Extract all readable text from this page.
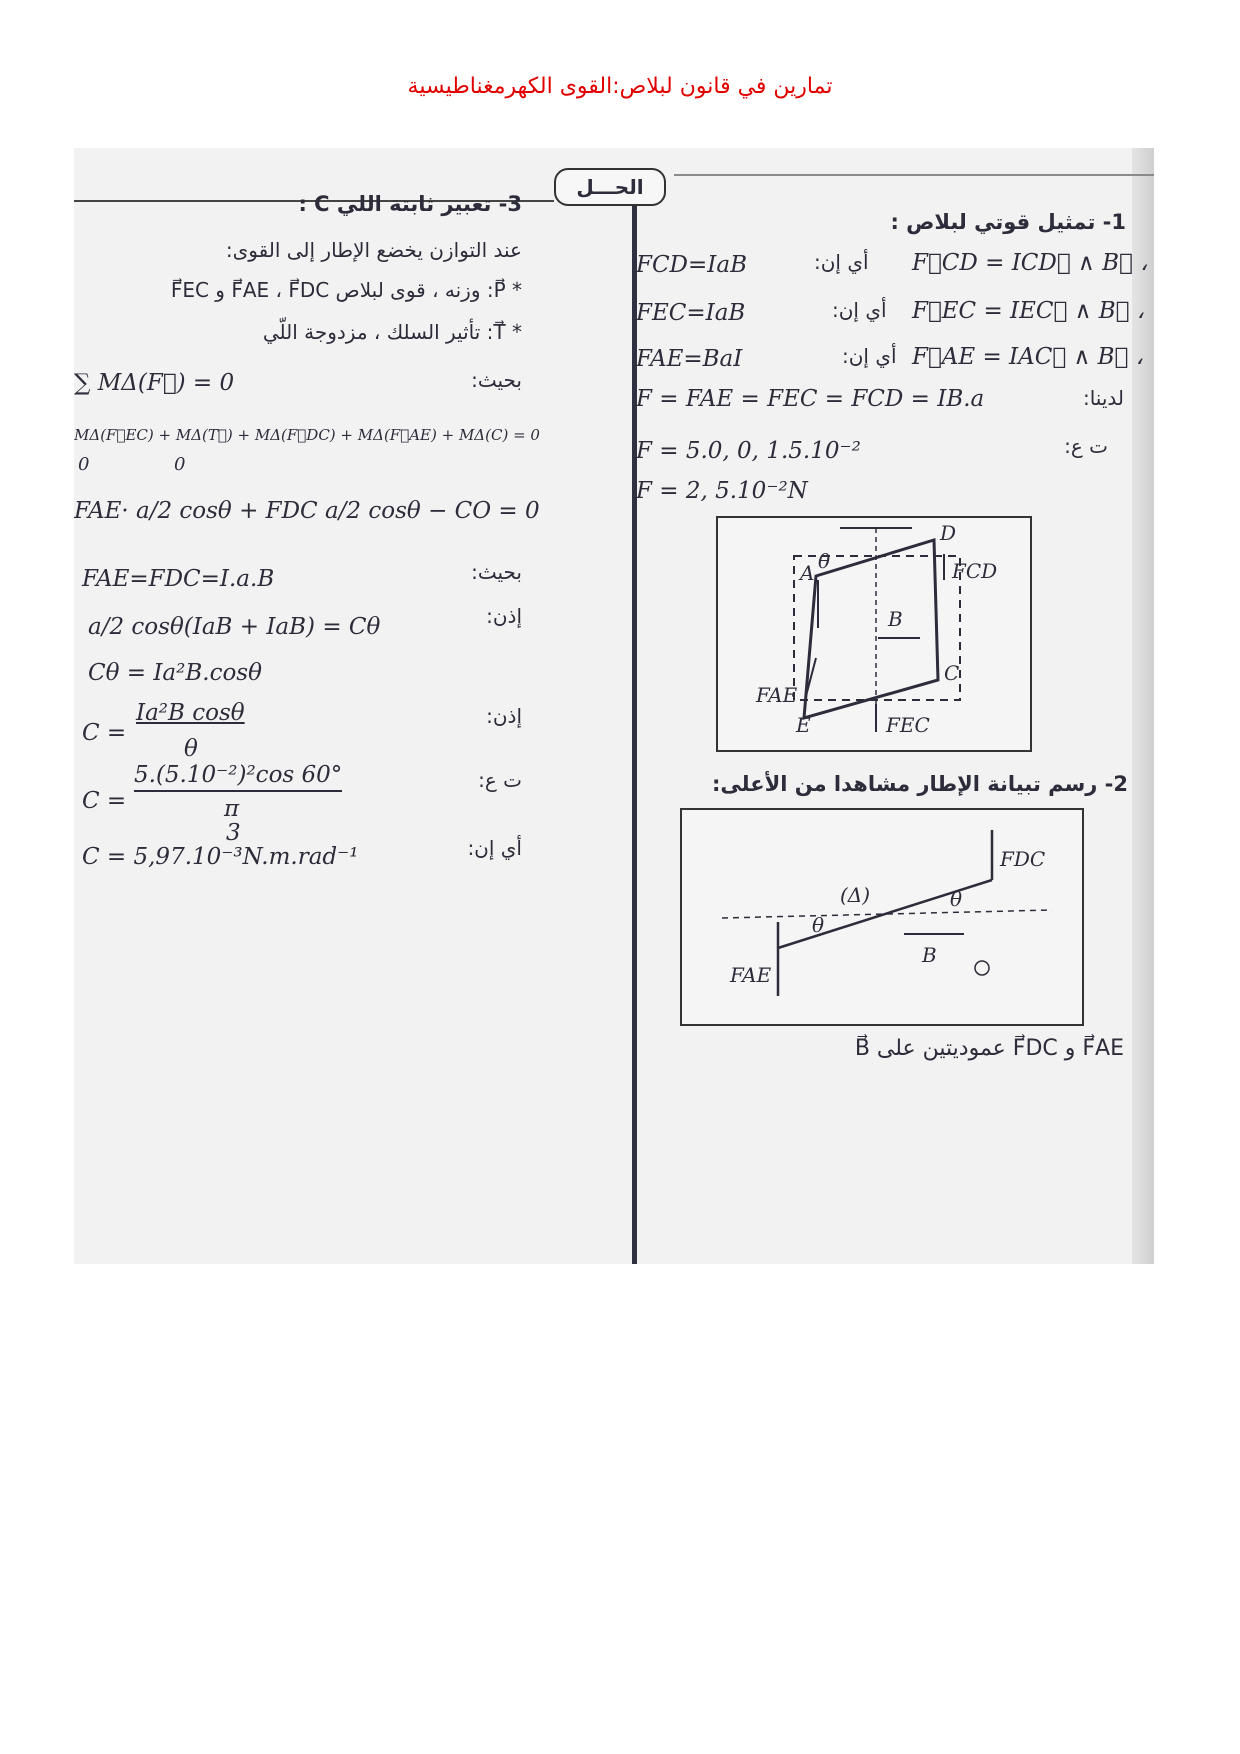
تمارين في قانون لبلاص:القوى الكهرمغناطيسية
الحـــل
1- تمثيل قوتي لبلاص :
F⃗CD = ICD⃗ ∧ B⃗ ،
أي إن:
FCD=IaB
F⃗EC = IEC⃗ ∧ B⃗ ،
أي إن:
FEC=IaB
F⃗AE = IAC⃗ ∧ B⃗ ،
أي إن:
FAE=BaI
لدينا:
F = FAE = FEC = FCD = IB.a
ت ع:
F = 5.0, 0, 1.5.10⁻²
F = 2, 5.10⁻²N
A
C
D
E
θ
B
FCD
FAE
FEC
2- رسم تبيانة الإطار مشاهدا من الأعلى:
FDC
FAE
(Δ)	θ
θ
B
F⃗AE و F⃗DC عموديتين على B⃗
3- تعبير ثابتة اللي C :
عند التوازن يخضع الإطار إلى القوى:
* P⃗: وزنه ، قوى لبلاص F⃗AE ، F⃗DC و F⃗EC
* T⃗: تأثير السلك ، مزدوجة اللّي
بحيث:
∑ MΔ(F⃗) = 0
MΔ(F⃗EC) + MΔ(T⃗) + MΔ(F⃗DC) + MΔ(F⃗AE) + MΔ(C) = 0
0	0
FAE· a/2 cosθ + FDC a/2 cosθ − CO = 0
بحيث:
FAE=FDC=I.a.B
إذن:
a/2 cosθ(IaB + IaB) = Cθ
Cθ = Ia²B.cosθ
إذن:
C =
Ia²B cosθ
θ
ت ع:
C =
5.(5.10⁻²)²cos 60°
π
3
أي إن:
C = 5,97.10⁻³N.m.rad⁻¹
